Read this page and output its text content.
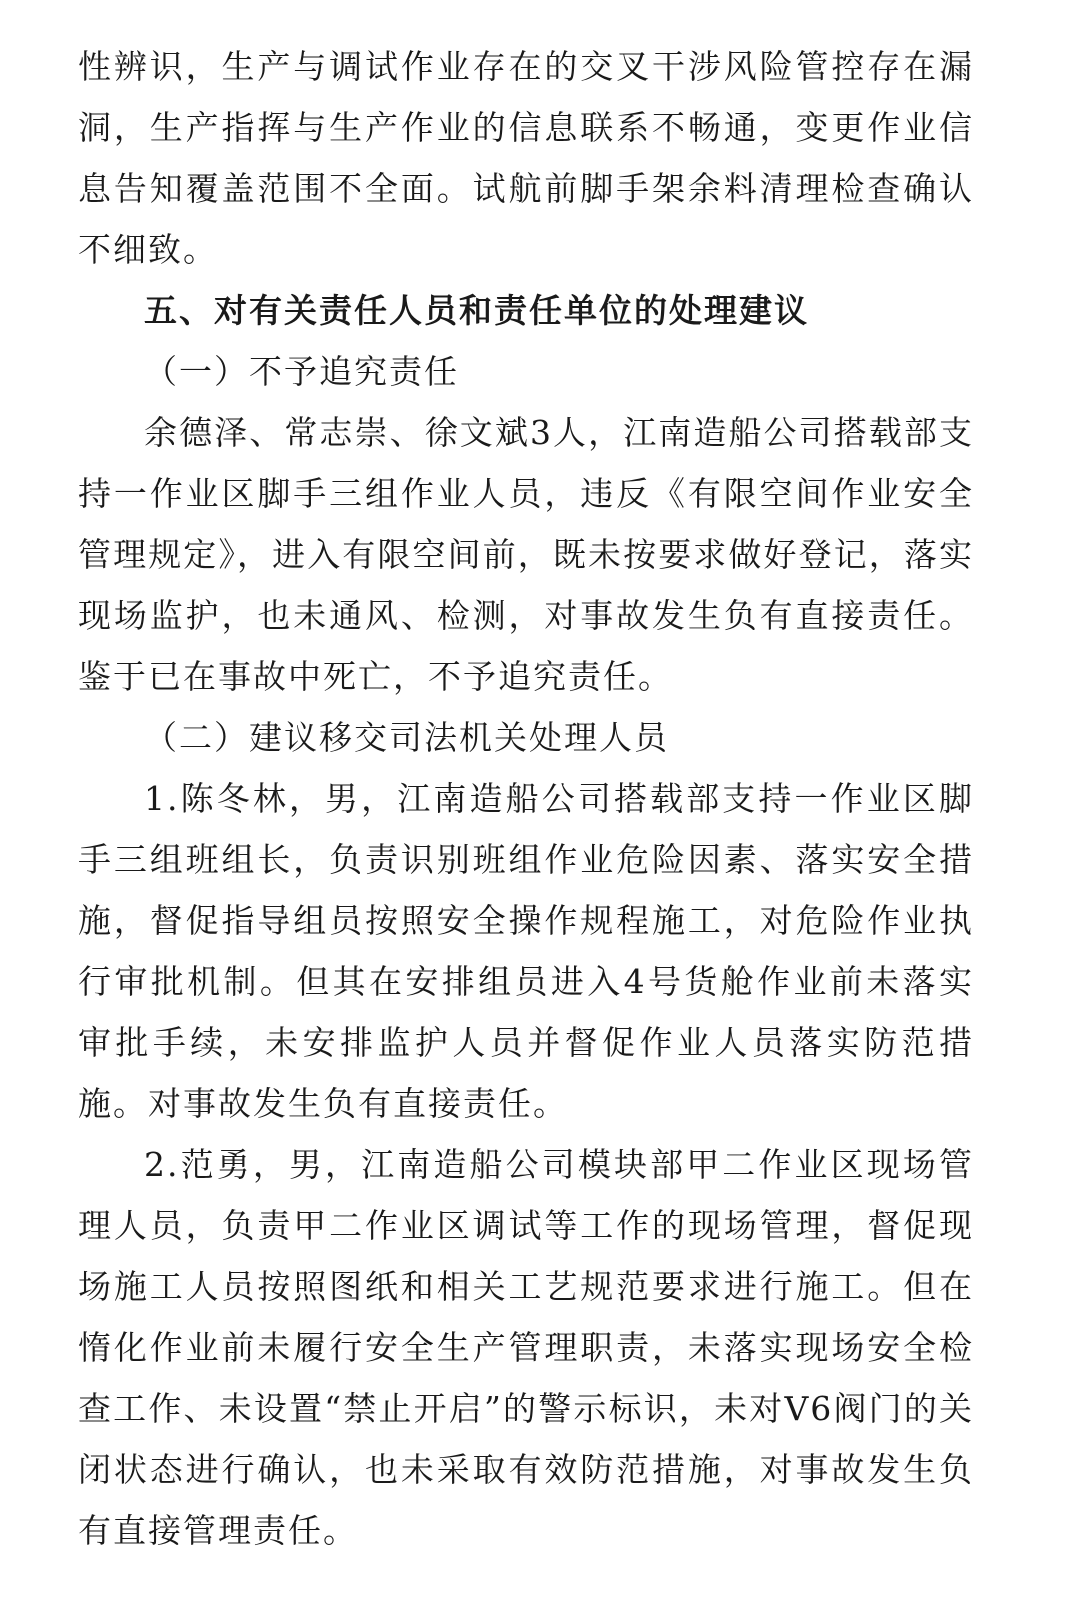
性辨识，生产与调试作业存在的交叉干涉风险管控存在漏洞，生产指挥与生产作业的信息联系不畅通，变更作业信息告知覆盖范围不全面。试航前脚手架余料清理检查确认不细致。

五、对有关责任人员和责任单位的处理建议

（一）不予追究责任

余德泽、常志崇、徐文斌3人，江南造船公司搭载部支持一作业区脚手三组作业人员，违反《有限空间作业安全管理规定》，进入有限空间前，既未按要求做好登记，落实现场监护，也未通风、检测，对事故发生负有直接责任。鉴于已在事故中死亡，不予追究责任。

（二）建议移交司法机关处理人员

1.陈冬林，男，江南造船公司搭载部支持一作业区脚手三组班组长，负责识别班组作业危险因素、落实安全措施，督促指导组员按照安全操作规程施工，对危险作业执行审批机制。但其在安排组员进入4号货舱作业前未落实审批手续，未安排监护人员并督促作业人员落实防范措施。对事故发生负有直接责任。

2.范勇，男，江南造船公司模块部甲二作业区现场管理人员，负责甲二作业区调试等工作的现场管理，督促现场施工人员按照图纸和相关工艺规范要求进行施工。但在惰化作业前未履行安全生产管理职责，未落实现场安全检查工作、未设置“禁止开启”的警示标识，未对V6阀门的关闭状态进行确认，也未采取有效防范措施，对事故发生负有直接管理责任。
